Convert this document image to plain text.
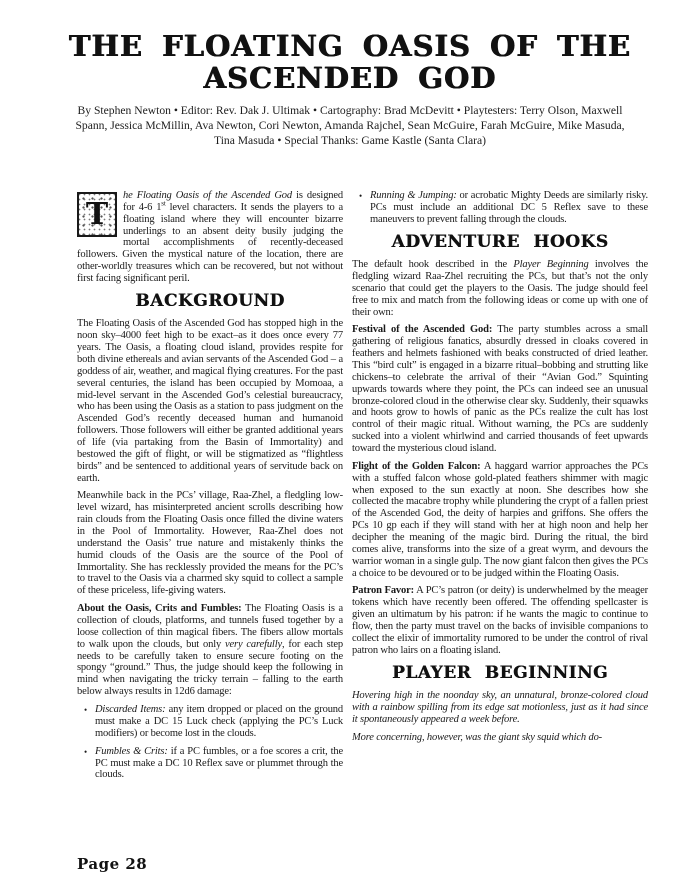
THE FLOATING OASIS OF THE
ASCENDED GOD

By Stephen Newton • Editor: Rev. Dak J. Ultimak • Cartography: Brad McDevitt • Playtesters: Terry Olson, Maxwell Spann, Jessica McMillin, Ava Newton, Cori Newton, Amanda Rajchel, Sean McGuire, Farah McGuire, Mike Masuda, Tina Masuda • Special Thanks: Game Kastle (Santa Clara)

T
he Floating Oasis of the Ascended God is designed for 4-6 1st level characters. It sends the players to a floating island where they will encounter bizarre underlings to an absent deity busily judging the mortal accomplishments of recently-deceased followers. Given the mystical nature of the location, there are other-worldly treasures which can be recovered, but not without first facing significant peril.

BACKGROUND

The Floating Oasis of the Ascended God has stopped high in the noon sky–4000 feet high to be exact–as it does once every 77 years. The Oasis, a floating cloud island, provides respite for both divine ethereals and avian servants of the Ascended God – a goddess of air, weather, and magical flying creatures. For the past several centuries, the island has been occupied by Momoaa, a mid-level servant in the Ascended God’s celestial bureaucracy, who has been using the Oasis as a station to pass judgment on the Ascended God’s recently deceased human and humanoid followers. Those followers will either be granted additional years of life (via partaking from the Basin of Immortality) and bestowed the gift of flight, or will be stigmatized as “flightless birds” and be sentenced to additional years of servitude back on earth.

Meanwhile back in the PCs’ village, Raa-Zhel, a fledgling low-level wizard, has misinterpreted ancient scrolls describing how rain clouds from the Floating Oasis once filled the divine waters in the Pool of Immortality. However, Raa-Zhel does not understand the Oasis’ true nature and mistakenly thinks the humid clouds of the Oasis are the source of the Pool of Immortality. She has recklessly provided the means for the PC’s to travel to the Oasis via a charmed sky squid to collect a sample of these priceless, life-giving waters.

About the Oasis, Crits and Fumbles: The Floating Oasis is a collection of clouds, platforms, and tunnels fused together by a loose collection of thin magical fibers. The fibers allow mortals to walk upon the clouds, but only very carefully, for each step needs to be carefully taken to ensure secure footing on the spongy “ground.” Thus, the judge should keep the following in mind when navigating the tricky terrain – falling to the earth below always results in 12d6 damage:

• Discarded Items: any item dropped or placed on the ground must make a DC 15 Luck check (applying the PC’s Luck modifiers) or become lost in the clouds.
• Fumbles & Crits: if a PC fumbles, or a foe scores a crit, the PC must make a DC 10 Reflex save or plummet through the clouds.
• Running & Jumping: or acrobatic Mighty Deeds are similarly risky. PCs must include an additional DC 5 Reflex save to these maneuvers to prevent falling through the clouds.
ADVENTURE HOOKS

The default hook described in the Player Beginning involves the fledgling wizard Raa-Zhel recruiting the PCs, but that’s not the only scenario that could get the players to the Oasis. The judge should feel free to mix and match from the following ideas or come up with one of their own:

Festival of the Ascended God: The party stumbles across a small gathering of religious fanatics, absurdly dressed in cloaks covered in feathers and helmets fashioned with beaks constructed of dried leather. This “bird cult” is engaged in a bizarre ritual–bobbing and strutting like chickens–to celebrate the arrival of their “Avian God.” Squinting upwards towards where they point, the PCs can indeed see an unusual bronze-colored cloud in the otherwise clear sky. Suddenly, their squawks and hoots grow to howls of panic as the PCs realize the cult has lost control of their magic ritual. Without warning, the PCs are suddenly sucked into a violent whirlwind and carried thousands of feet upwards toward the mysterious cloud island.

Flight of the Golden Falcon: A haggard warrior approaches the PCs with a stuffed falcon whose gold-plated feathers shimmer with magic when exposed to the sun exactly at noon. She describes how she collected the macabre trophy while plundering the crypt of a fallen priest of the Ascended God, the deity of harpies and griffons. She offers the PCs 10 gp each if they will stand with her at high noon and help her decipher the meaning of the magic bird. During the ritual, the bird comes alive, transforms into the size of a great wyrm, and devours the warrior woman in a single gulp. The now giant falcon then gives the PCs a choice to be devoured or to be judged within the Floating Oasis.

Patron Favor: A PC’s patron (or deity) is underwhelmed by the meager tokens which have recently been offered. The offending spellcaster is given an ultimatum by his patron: if he wants the magic to continue to flow, then the party must travel on the backs of invisible companions to collect the elixir of immortality rumored to be under the control of rival patron who lairs on a floating island.

PLAYER BEGINNING

Hovering high in the noonday sky, an unnatural, bronze-colored cloud with a rainbow spilling from its edge sat motionless, just as it had since it spontaneously appeared a week before.

More concerning, however, was the giant sky squid which do-

Page 28
